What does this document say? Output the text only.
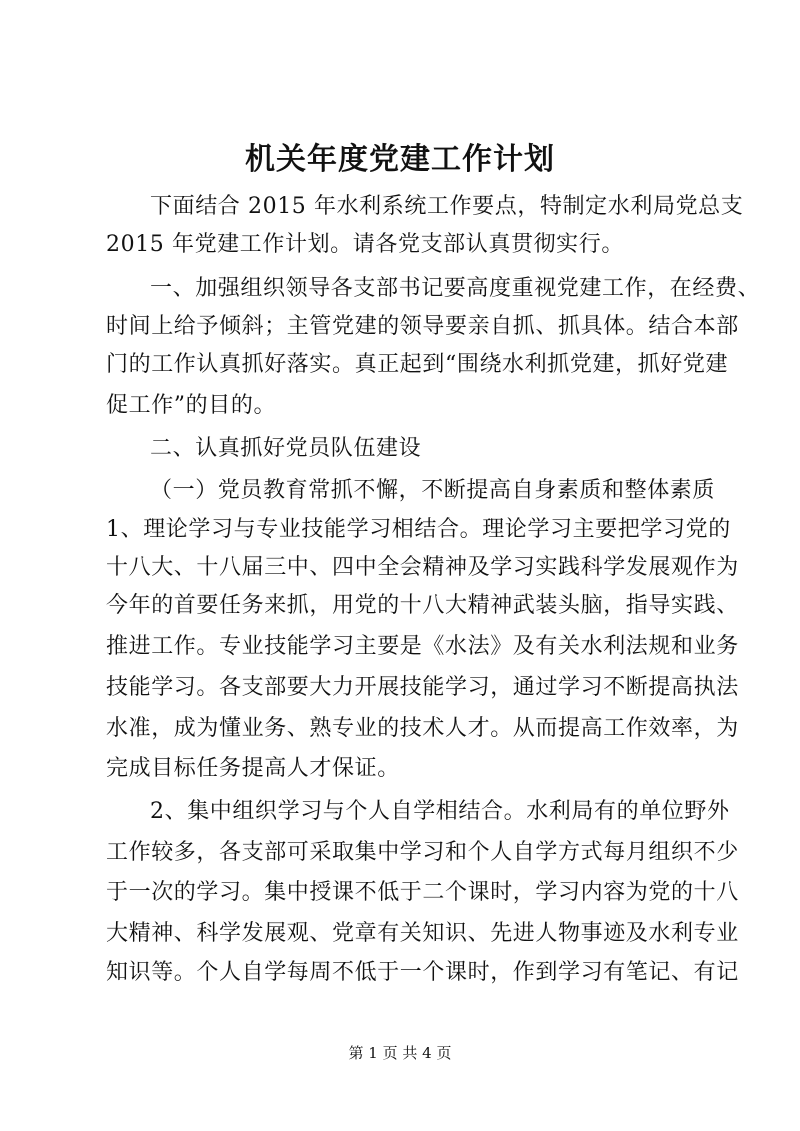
机关年度党建工作计划

下面结合 2015 年水利系统工作要点，特制定水利局党总支

2015 年党建工作计划。请各党支部认真贯彻实行。

一、加强组织领导各支部书记要高度重视党建工作，在经费、

时间上给予倾斜；主管党建的领导要亲自抓、抓具体。结合本部

门的工作认真抓好落实。真正起到“围绕水利抓党建，抓好党建

促工作”的目的。

二、认真抓好党员队伍建设

（一）党员教育常抓不懈，不断提高自身素质和整体素质

1、理论学习与专业技能学习相结合。理论学习主要把学习党的

十八大、十八届三中、四中全会精神及学习实践科学发展观作为

今年的首要任务来抓，用党的十八大精神武装头脑，指导实践、

推进工作。专业技能学习主要是《水法》及有关水利法规和业务

技能学习。各支部要大力开展技能学习，通过学习不断提高执法

水准，成为懂业务、熟专业的技术人才。从而提高工作效率，为

完成目标任务提高人才保证。

2、集中组织学习与个人自学相结合。水利局有的单位野外

工作较多，各支部可采取集中学习和个人自学方式每月组织不少

于一次的学习。集中授课不低于二个课时，学习内容为党的十八

大精神、科学发展观、党章有关知识、先进人物事迹及水利专业

知识等。个人自学每周不低于一个课时，作到学习有笔记、有记

第 1 页 共 4 页
